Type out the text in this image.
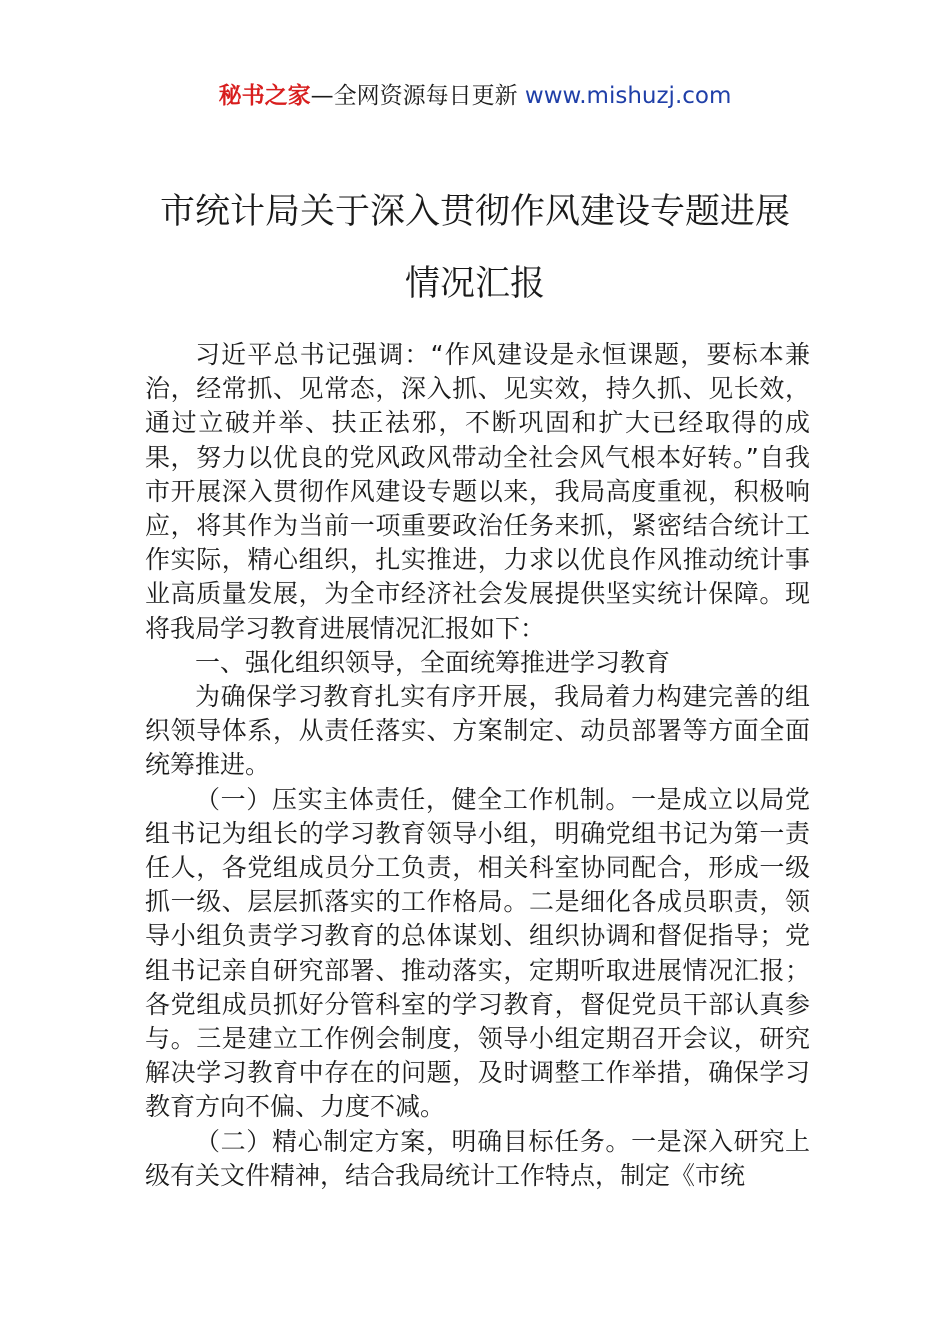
秘书之家—全网资源每日更新 www.mishuzj.com
市统计局关于深入贯彻作风建设专题进展
情况汇报

习近平总书记强调：“作风建设是永恒课题，要标本兼治，经常抓、见常态，深入抓、见实效，持久抓、见长效，通过立破并举、扶正祛邪，不断巩固和扩大已经取得的成果，努力以优良的党风政风带动全社会风气根本好转。”自我市开展深入贯彻作风建设专题以来，我局高度重视，积极响应，将其作为当前一项重要政治任务来抓，紧密结合统计工作实际，精心组织，扎实推进，力求以优良作风推动统计事业高质量发展，为全市经济社会发展提供坚实统计保障。现将我局学习教育进展情况汇报如下：

一、强化组织领导，全面统筹推进学习教育

为确保学习教育扎实有序开展，我局着力构建完善的组织领导体系，从责任落实、方案制定、动员部署等方面全面统筹推进。

（一）压实主体责任，健全工作机制。一是成立以局党组书记为组长的学习教育领导小组，明确党组书记为第一责任人，各党组成员分工负责，相关科室协同配合，形成一级抓一级、层层抓落实的工作格局。二是细化各成员职责，领导小组负责学习教育的总体谋划、组织协调和督促指导；党组书记亲自研究部署、推动落实，定期听取进展情况汇报；各党组成员抓好分管科室的学习教育，督促党员干部认真参与。三是建立工作例会制度，领导小组定期召开会议，研究解决学习教育中存在的问题，及时调整工作举措，确保学习教育方向不偏、力度不减。

（二）精心制定方案，明确目标任务。一是深入研究上级有关文件精神，结合我局统计工作特点，制定《市统
